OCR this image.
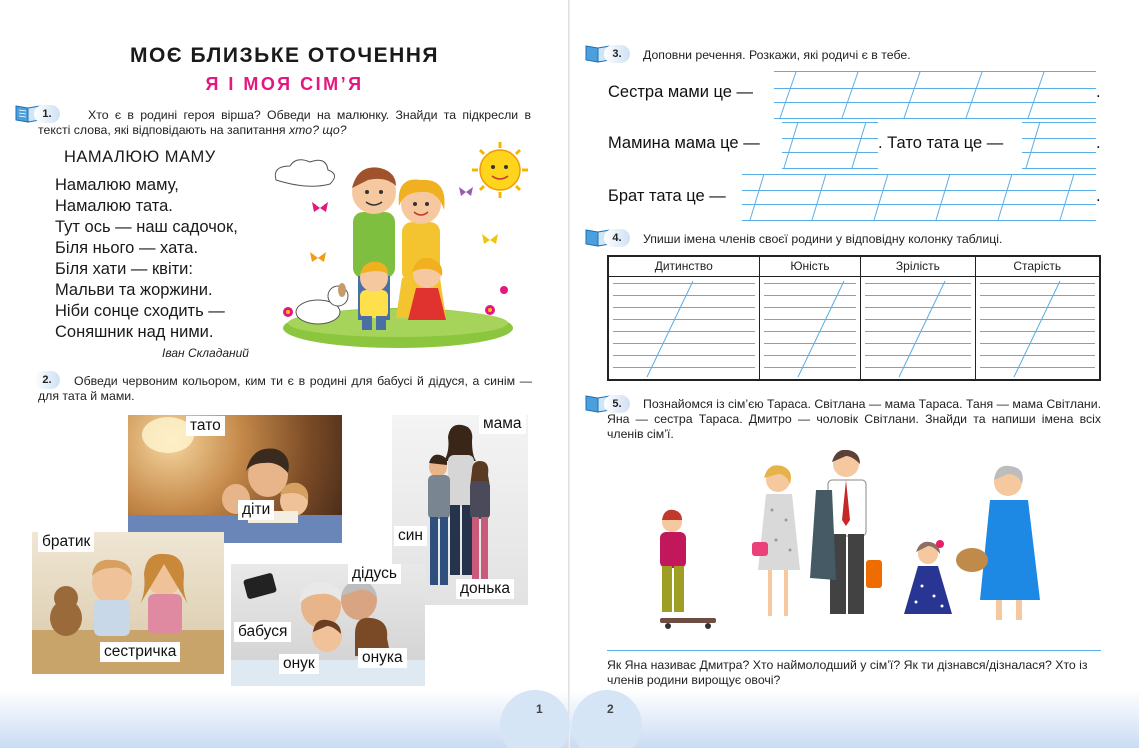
1	2
МОЄ БЛИЗЬКЕ ОТОЧЕННЯ
Я І МОЯ СІМ’Я
1.	Хто є в родині героя вірша? Обведи на малюнку. Знайди та підкресли в тексті слова, які відповідають на запитання хто? що?
НАМАЛЮЮ МАМУ
Намалюю маму,
Намалюю тата.
Тут ось — наш садочок,
Біля нього — хата.
Біля хати — квіти:
Мальви та жоржини.
Ніби сонце сходить —
Соняшник над ними.
Іван Складаний
2.	Обведи червоним кольором, ким ти є в родині для бабусі й дідуся, а синім — для тата й мами.
тато
діти
мама
син
донька
братик
сестричка
дідусь
бабуся
онук	онука
3.	Доповни речення. Розкажи, які родичі є в тебе.
Сестра мами це —	.
Мамина мама це —	. Тато тата це —	.
Брат тата це —	.
4.	Упиши імена членів своєї родини у відповідну колонку таблиці.
Дитинство	Юність	Зрілість	Старість

5.	Познайомся із сім’єю Тараса. Світлана — мама Тараса. Таня — мама Світлани. Яна — сестра Тараса. Дмитро — чоловік Світлани. Знайди та напиши імена всіх членів сім’ї.
Як Яна називає Дмитра? Хто наймолодший у сім’ї? Як ти дізнався/дізналася? Хто із членів родини вирощує овочі?
